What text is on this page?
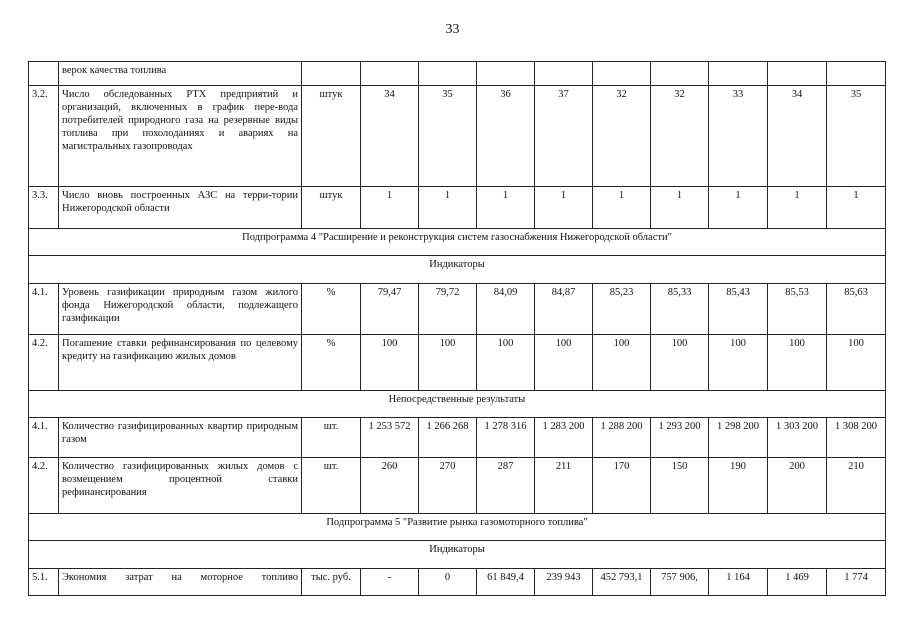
33
	верок качества топлива										
3.2.	Число обследованных РТХ предприятий и организаций, включенных в график пере-вода потребителей природного газа на резервные виды топлива при похолоданиях и авариях на магистральных газопроводах	штук	34	35	36	37	32	32	33	34	35
3.3.	Число вновь построенных АЗС на терри-тории Нижегородской области	штук	1	1	1	1	1	1	1	1	1
Подпрограмма 4 "Расширение и реконструкция систем газоснабжения Нижегородской области"											
Индикаторы											
4.1.	Уровень газификации природным газом жилого фонда Нижегородской области, подлежащего газификации	%	79,47	79,72	84,09	84,87	85,23	85,33	85,43	85,53	85,63
4.2.	Погашение ставки рефинансирования по целевому кредиту на газификацию жилых домов	%	100	100	100	100	100	100	100	100	100
Непосредственные результаты											
4.1.	Количество газифицированных квартир природным газом	шт.	1 253 572	1 266 268	1 278 316	1 283 200	1 288 200	1 293 200	1 298 200	1 303 200	1 308 200
4.2.	Количество газифицированных жилых домов с возмещением процентной ставки рефинансирования	шт.	260	270	287	211	170	150	190	200	210
Подпрограмма 5 "Развитие рынка газомоторного топлива"											
Индикаторы											
5.1.	Экономия затрат на моторное топливо	тыс. руб.	-	0	61 849,4	239 943	452 793,1	757 906,	1 164	1 469	1 774
